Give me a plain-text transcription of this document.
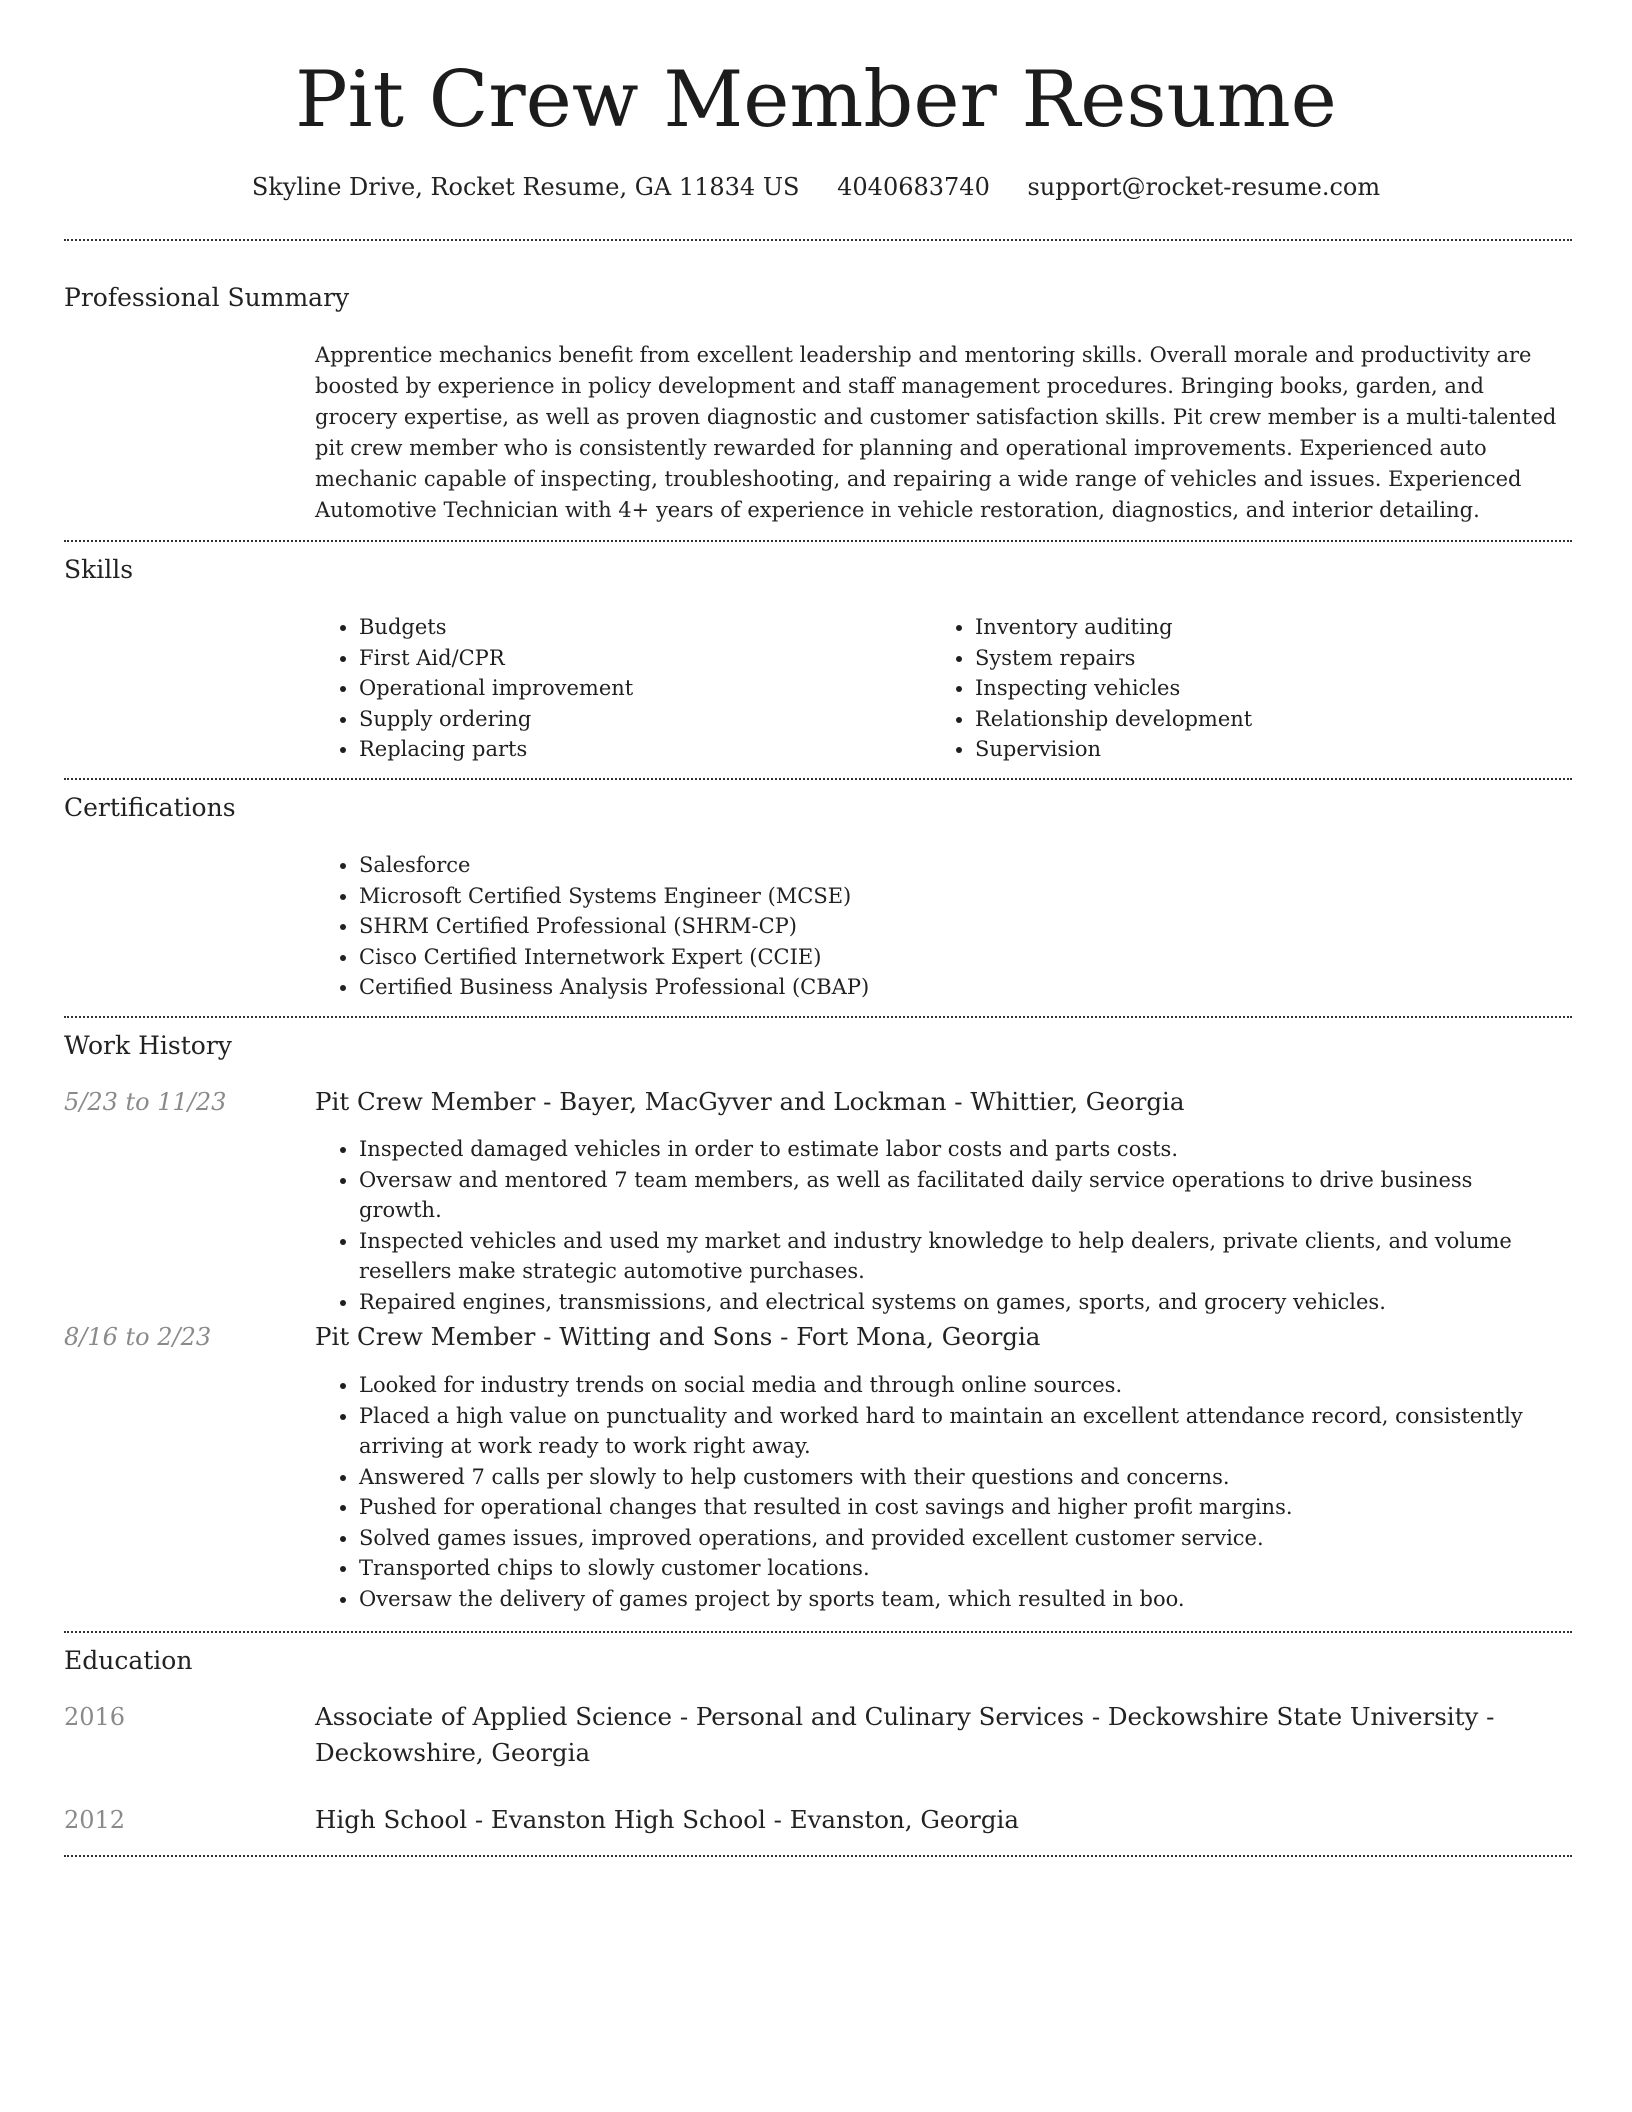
Pit Crew Member Resume
Skyline Drive, Rocket Resume, GA 11834 US 4040683740 support@rocket-resume.com
Professional Summary

Apprentice mechanics benefit from excellent leadership and mentoring skills. Overall morale and productivity are boosted by experience in policy development and staff management procedures. Bringing books, garden, and grocery expertise, as well as proven diagnostic and customer satisfaction skills. Pit crew member is a multi-talented pit crew member who is consistently rewarded for planning and operational improvements. Experienced auto mechanic capable of inspecting, troubleshooting, and repairing a wide range of vehicles and issues. Experienced Automotive Technician with 4+ years of experience in vehicle restoration, diagnostics, and interior detailing.

Skills
• Budgets
• First Aid/CPR
• Operational improvement
• Supply ordering
• Replacing parts
• Inventory auditing
• System repairs
• Inspecting vehicles
• Relationship development
• Supervision
Certifications
• Salesforce
• Microsoft Certified Systems Engineer (MCSE)
• SHRM Certified Professional (SHRM-CP)
• Cisco Certified Internetwork Expert (CCIE)
• Certified Business Analysis Professional (CBAP)
Work History
5/23 to 11/23	Pit Crew Member - Bayer, MacGyver and Lockman - Whittier, Georgia
• Inspected damaged vehicles in order to estimate labor costs and parts costs.
• Oversaw and mentored 7 team members, as well as facilitated daily service operations to drive business growth.
• Inspected vehicles and used my market and industry knowledge to help dealers, private clients, and volume resellers make strategic automotive purchases.
• Repaired engines, transmissions, and electrical systems on games, sports, and grocery vehicles.
8/16 to 2/23	Pit Crew Member - Witting and Sons - Fort Mona, Georgia
• Looked for industry trends on social media and through online sources.
• Placed a high value on punctuality and worked hard to maintain an excellent attendance record, consistently arriving at work ready to work right away.
• Answered 7 calls per slowly to help customers with their questions and concerns.
• Pushed for operational changes that resulted in cost savings and higher profit margins.
• Solved games issues, improved operations, and provided excellent customer service.
• Transported chips to slowly customer locations.
• Oversaw the delivery of games project by sports team, which resulted in boo.
Education
2016	Associate of Applied Science - Personal and Culinary Services - Deckowshire State University - Deckowshire, Georgia
2012	High School - Evanston High School - Evanston, Georgia
